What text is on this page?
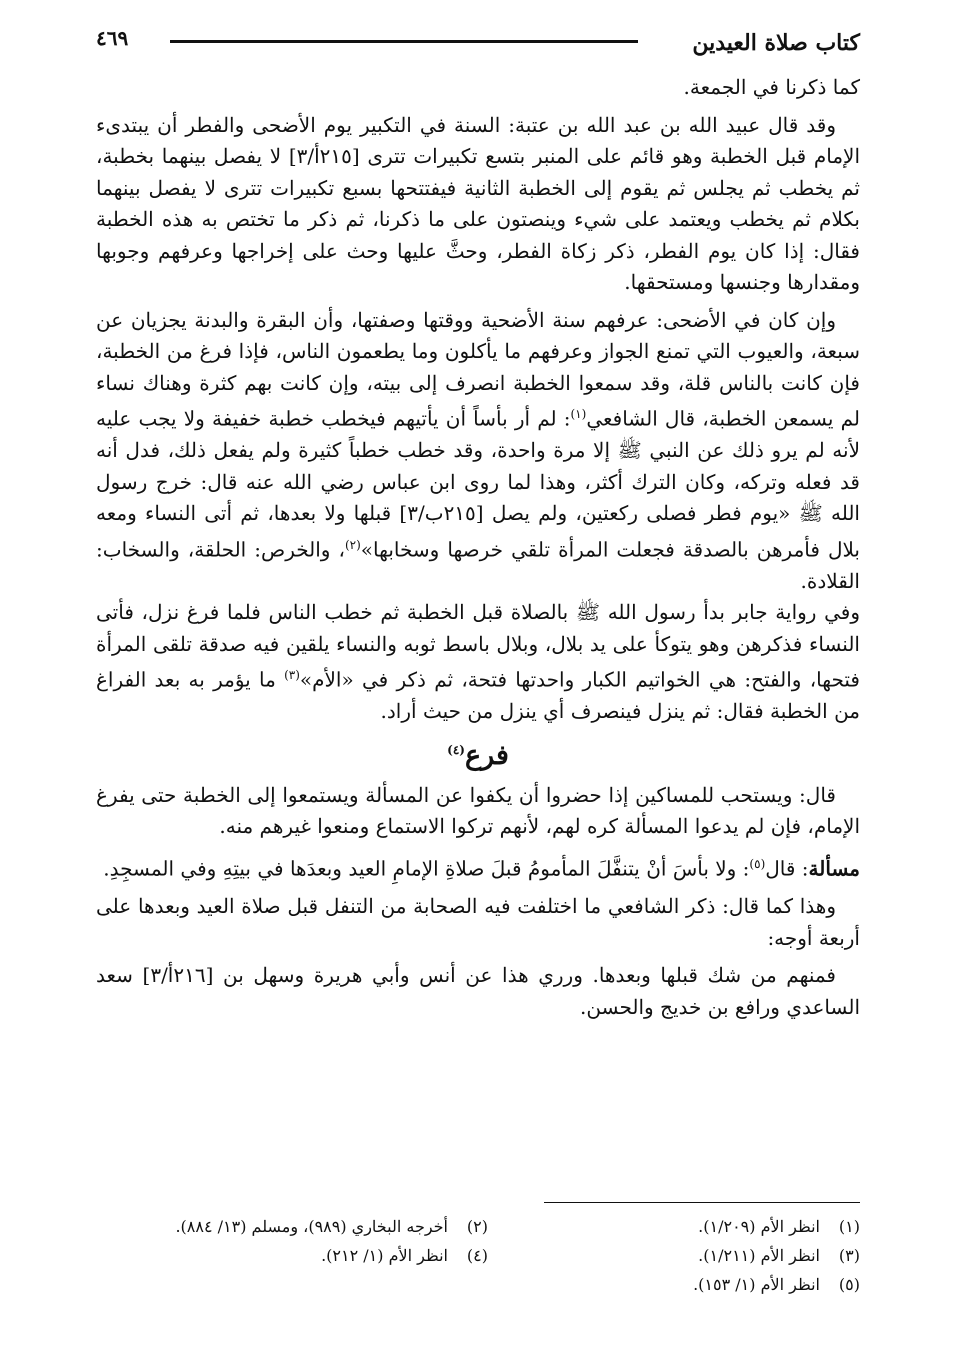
كتاب صلاة العيدين
٤٦٩

كما ذكرنا في الجمعة.

وقد قال عبيد الله بن عبد الله بن عتبة: السنة في التكبير يوم الأضحى والفطر أن يبتدىء الإمام قبل الخطبة وهو قائم على المنبر بتسع تكبيرات تترى [٢١٥أ/٣] لا يفصل بينهما بخطبة، ثم يخطب ثم يجلس ثم يقوم إلى الخطبة الثانية فيفتتحها بسبع تكبيرات تترى لا يفصل بينهما بكلام ثم يخطب ويعتمد على شيء وينصتون على ما ذكرنا، ثم ذكر ما تختص به هذه الخطبة فقال: إذا كان يوم الفطر، ذكر زكاة الفطر، وحثَّ عليها وحث على إخراجها وعرفهم وجوبها ومقدارها وجنسها ومستحقها.

وإن كان في الأضحى: عرفهم سنة الأضحية ووقتها وصفتها، وأن البقرة والبدنة يجزيان عن سبعة، والعيوب التي تمنع الجواز وعرفهم ما يأكلون وما يطعمون الناس، فإذا فرغ من الخطبة، فإن كانت بالناس قلة، وقد سمعوا الخطبة انصرف إلى بيته، وإن كانت بهم كثرة وهناك نساء لم يسمعن الخطبة، قال الشافعي$^{(١)}$: لم أر بأساً أن يأتيهم فيخطب خطبة خفيفة ولا يجب عليه لأنه لم يرو ذلك عن النبي ﷺ إلا مرة واحدة، وقد خطب خطباً كثيرة ولم يفعل ذلك، فدل أنه قد فعله وتركه، وكان الترك أكثر، وهذا لما روى ابن عباس رضي الله عنه قال: خرج رسول الله ﷺ «يوم فطر فصلى ركعتين، ولم يصل [٢١٥ب/٣] قبلها ولا بعدها، ثم أتى النساء ومعه بلال فأمرهن بالصدقة فجعلت المرأة تلقي خرصها وسخابها»$^{(٢)}$، والخرص: الحلقة، والسخاب: القلادة.

وفي رواية جابر بدأ رسول الله ﷺ بالصلاة قبل الخطبة ثم خطب الناس فلما فرغ نزل، فأتى النساء فذكرهن وهو يتوكأ على يد بلال، وبلال باسط ثوبه والنساء يلقين فيه صدقة تلقى المرأة فتحها، والفتح: هي الخواتيم الكبار واحدتها فتحة، ثم ذكر في «الأم»$^{(٣)}$ ما يؤمر به بعد الفراغ من الخطبة فقال: ثم ينزل فينصرف أي ينزل من حيث أراد.

فرع$^{(٤)}$

قال: ويستحب للمساكين إذا حضروا أن يكفوا عن المسألة ويستمعوا إلى الخطبة حتى يفرغ الإمام، فإن لم يدعوا المسألة كره لهم، لأنهم تركوا الاستماع ومنعوا غيرهم منه.

مسألة: قال$^{(٥)}$: ولا بأسَ أنْ يتنفَّلَ المأمومُ قبلَ صلاةِ الإمامِ العيد وبعدَها في بيتِهِ وفي المسجِدِ.

وهذا كما قال: ذكر الشافعي ما اختلفت فيه الصحابة من التنفل قبل صلاة العيد وبعدها على أربعة أوجه:

فمنهم من شك قبلها وبعدها. ورري هذا عن أنس وأبي هريرة وسهل بن [٢١٦أ/٣] سعد الساعدي ورافع بن خديج والحسن.

(١)انظر الأم (١/٢٠٩).
(٢)أخرجه البخاري (٩٨٩)، ومسلم (١٣/ ٨٨٤).
(٣)انظر الأم (١/٢١١).
(٤)انظر الأم (١/ ٢١٢).
(٥)انظر الأم (١/ ١٥٣).
